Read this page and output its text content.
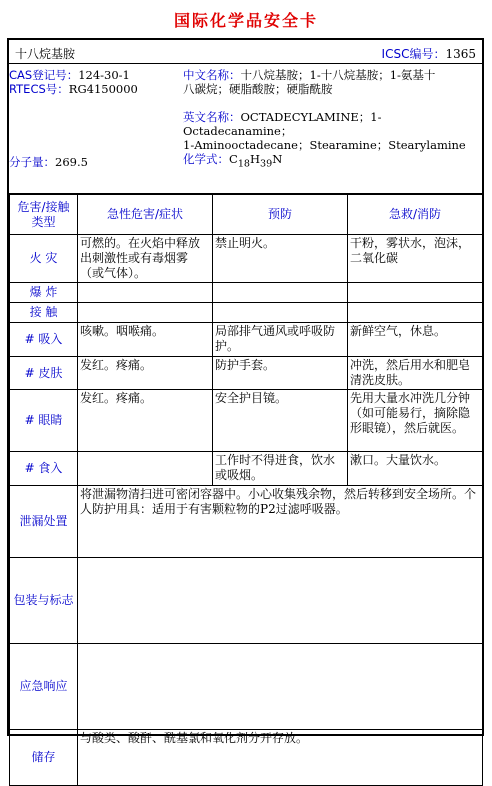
国际化学品安全卡
十八烷基胺	ICSC编号：1365
CAS登记号：124-30-1
RTECS号：RG4150000
分子量：269.5
中文名称：十八烷基胺；1-十八烷基胺；1-氨基十
八碳烷；硬脂酸胺；硬脂酰胺
英文名称：OCTADECYLAMINE；1-Octadecanamine；
1-Aminooctadecane；Stearamine；Stearylamine
化学式：$C_{18}H_{39}N$
危害/接触
类型	急性危害/症状	预防	急救/消防
火 灾	可燃的。在火焰中释放出刺激性或有毒烟雾（或气体）。	禁止明火。	干粉，雾状水，泡沫，二氧化碳
爆 炸			
接 触			
# 吸入	咳嗽。咽喉痛。	局部排气通风或呼吸防护。	新鲜空气，休息。
# 皮肤	发红。疼痛。	防护手套。	冲洗，然后用水和肥皂清洗皮肤。
# 眼睛	发红。疼痛。	安全护目镜。	先用大量水冲洗几分钟（如可能易行，摘除隐形眼镜），然后就医。
# 食入		工作时不得进食，饮水或吸烟。	漱口。大量饮水。
泄漏处置	将泄漏物清扫进可密闭容器中。小心收集残余物，然后转移到安全场所。个人防护用具：适用于有害颗粒物的P2过滤呼吸器。		
包装与标志			
应急响应			
储存	与酸类、酸酐、酰基氯和氧化剂分开存放。		
